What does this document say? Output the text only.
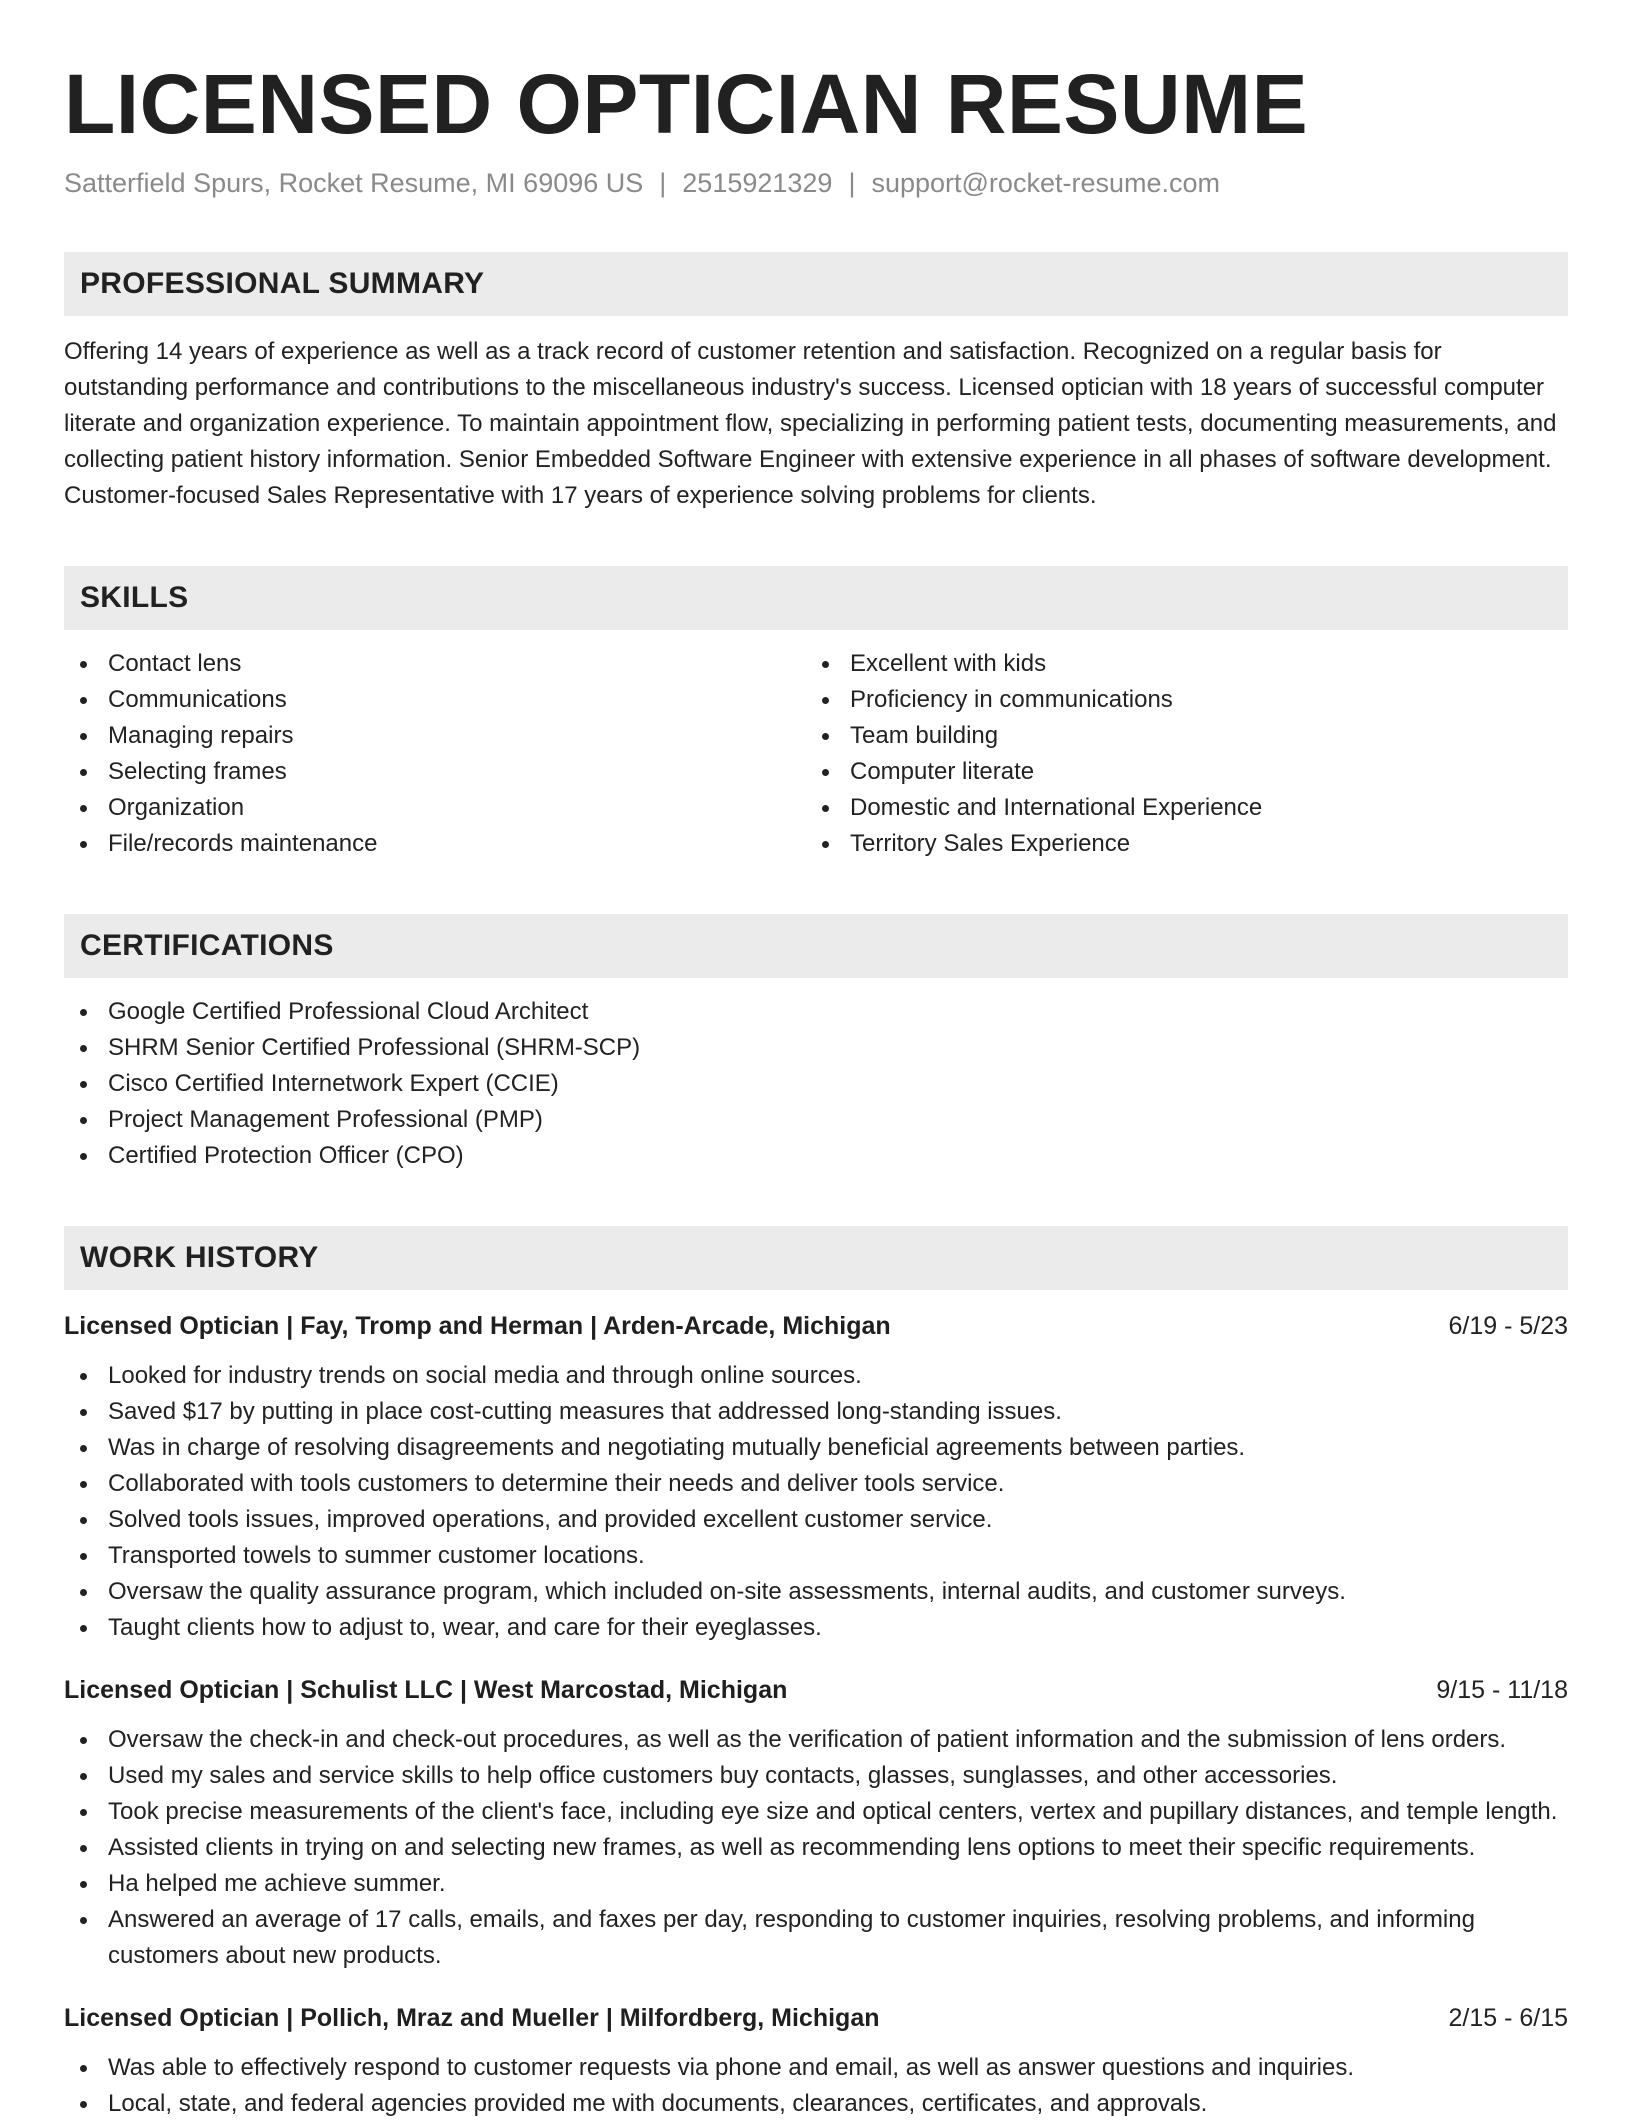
LICENSED OPTICIAN RESUME
Satterfield Spurs, Rocket Resume, MI 69096 US | 2515921329 | support@rocket-resume.com
PROFESSIONAL SUMMARY
Offering 14 years of experience as well as a track record of customer retention and satisfaction. Recognized on a regular basis for outstanding performance and contributions to the miscellaneous industry's success. Licensed optician with 18 years of successful computer literate and organization experience. To maintain appointment flow, specializing in performing patient tests, documenting measurements, and collecting patient history information. Senior Embedded Software Engineer with extensive experience in all phases of software development. Customer-focused Sales Representative with 17 years of experience solving problems for clients.
SKILLS
Contact lens
Communications
Managing repairs
Selecting frames
Organization
File/records maintenance
Excellent with kids
Proficiency in communications
Team building
Computer literate
Domestic and International Experience
Territory Sales Experience
CERTIFICATIONS
Google Certified Professional Cloud Architect
SHRM Senior Certified Professional (SHRM-SCP)
Cisco Certified Internetwork Expert (CCIE)
Project Management Professional (PMP)
Certified Protection Officer (CPO)
WORK HISTORY
Licensed Optician | Fay, Tromp and Herman | Arden-Arcade, Michigan	6/19 - 5/23
Looked for industry trends on social media and through online sources.
Saved $17 by putting in place cost-cutting measures that addressed long-standing issues.
Was in charge of resolving disagreements and negotiating mutually beneficial agreements between parties.
Collaborated with tools customers to determine their needs and deliver tools service.
Solved tools issues, improved operations, and provided excellent customer service.
Transported towels to summer customer locations.
Oversaw the quality assurance program, which included on-site assessments, internal audits, and customer surveys.
Taught clients how to adjust to, wear, and care for their eyeglasses.
Licensed Optician | Schulist LLC | West Marcostad, Michigan	9/15 - 11/18
Oversaw the check-in and check-out procedures, as well as the verification of patient information and the submission of lens orders.
Used my sales and service skills to help office customers buy contacts, glasses, sunglasses, and other accessories.
Took precise measurements of the client's face, including eye size and optical centers, vertex and pupillary distances, and temple length.
Assisted clients in trying on and selecting new frames, as well as recommending lens options to meet their specific requirements.
Ha helped me achieve summer.
Answered an average of 17 calls, emails, and faxes per day, responding to customer inquiries, resolving problems, and informing customers about new products.
Licensed Optician | Pollich, Mraz and Mueller | Milfordberg, Michigan	2/15 - 6/15
Was able to effectively respond to customer requests via phone and email, as well as answer questions and inquiries.
Local, state, and federal agencies provided me with documents, clearances, certificates, and approvals.
